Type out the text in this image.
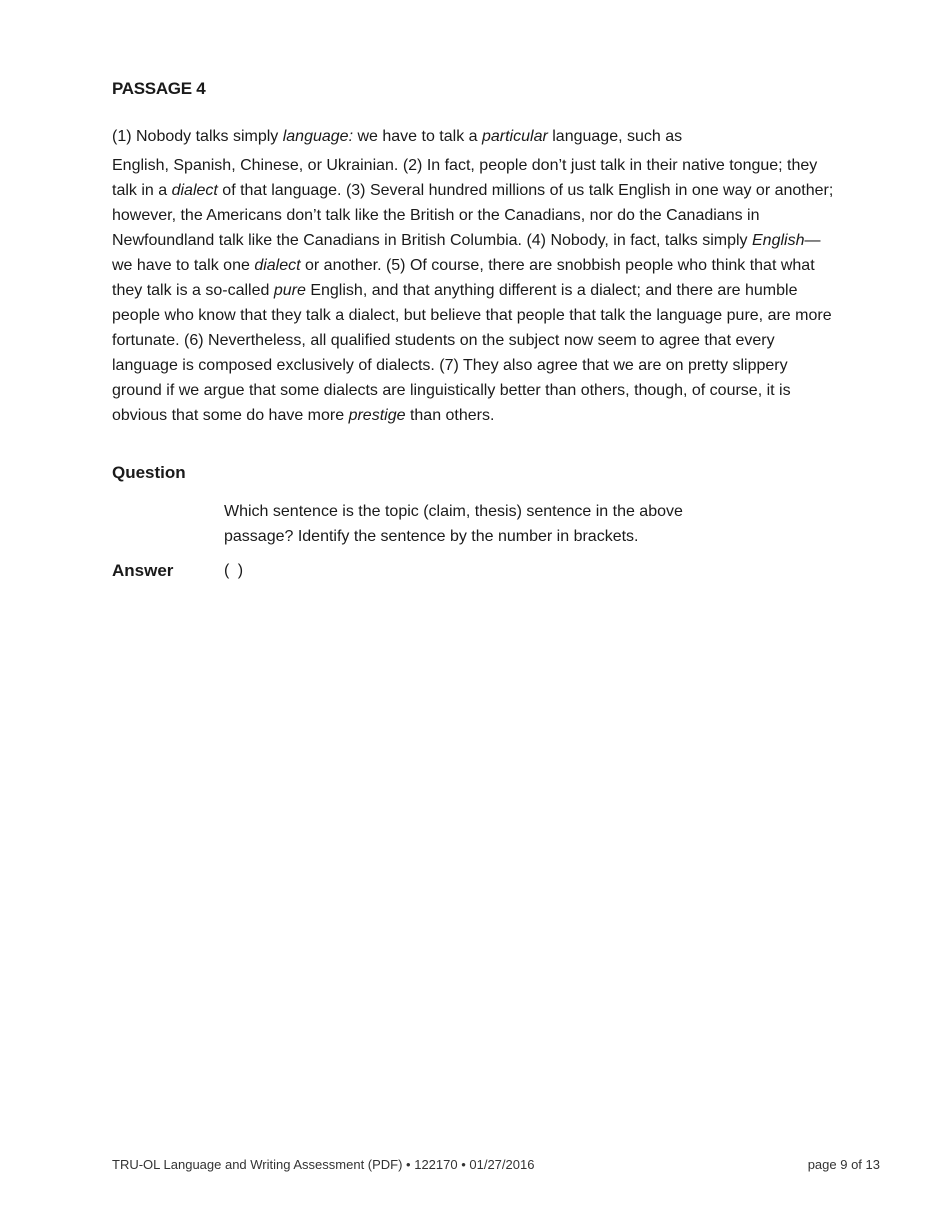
PASSAGE 4
(1) Nobody talks simply language: we have to talk a particular language, such as
English, Spanish, Chinese, or Ukrainian. (2) In fact, people don’t just talk in their native tongue; they talk in a dialect of that language. (3) Several hundred millions of us talk English in one way or another; however, the Americans don’t talk like the British or the Canadians, nor do the Canadians in Newfoundland talk like the Canadians in British Columbia. (4) Nobody, in fact, talks simply English—we have to talk one dialect or another. (5) Of course, there are snobbish people who think that what they talk is a so-called pure English, and that anything different is a dialect; and there are humble people who know that they talk a dialect, but believe that people that talk the language pure, are more fortunate. (6) Nevertheless, all qualified students on the subject now seem to agree that every language is composed exclusively of dialects. (7) They also agree that we are on pretty slippery ground if we argue that some dialects are linguistically better than others, though, of course, it is obvious that some do have more prestige than others.
Question
Which sentence is the topic (claim, thesis) sentence in the above passage? Identify the sentence by the number in brackets.
Answer	( )
TRU-OL Language and Writing Assessment (PDF) • 122170 • 01/27/2016	page 9 of 13
